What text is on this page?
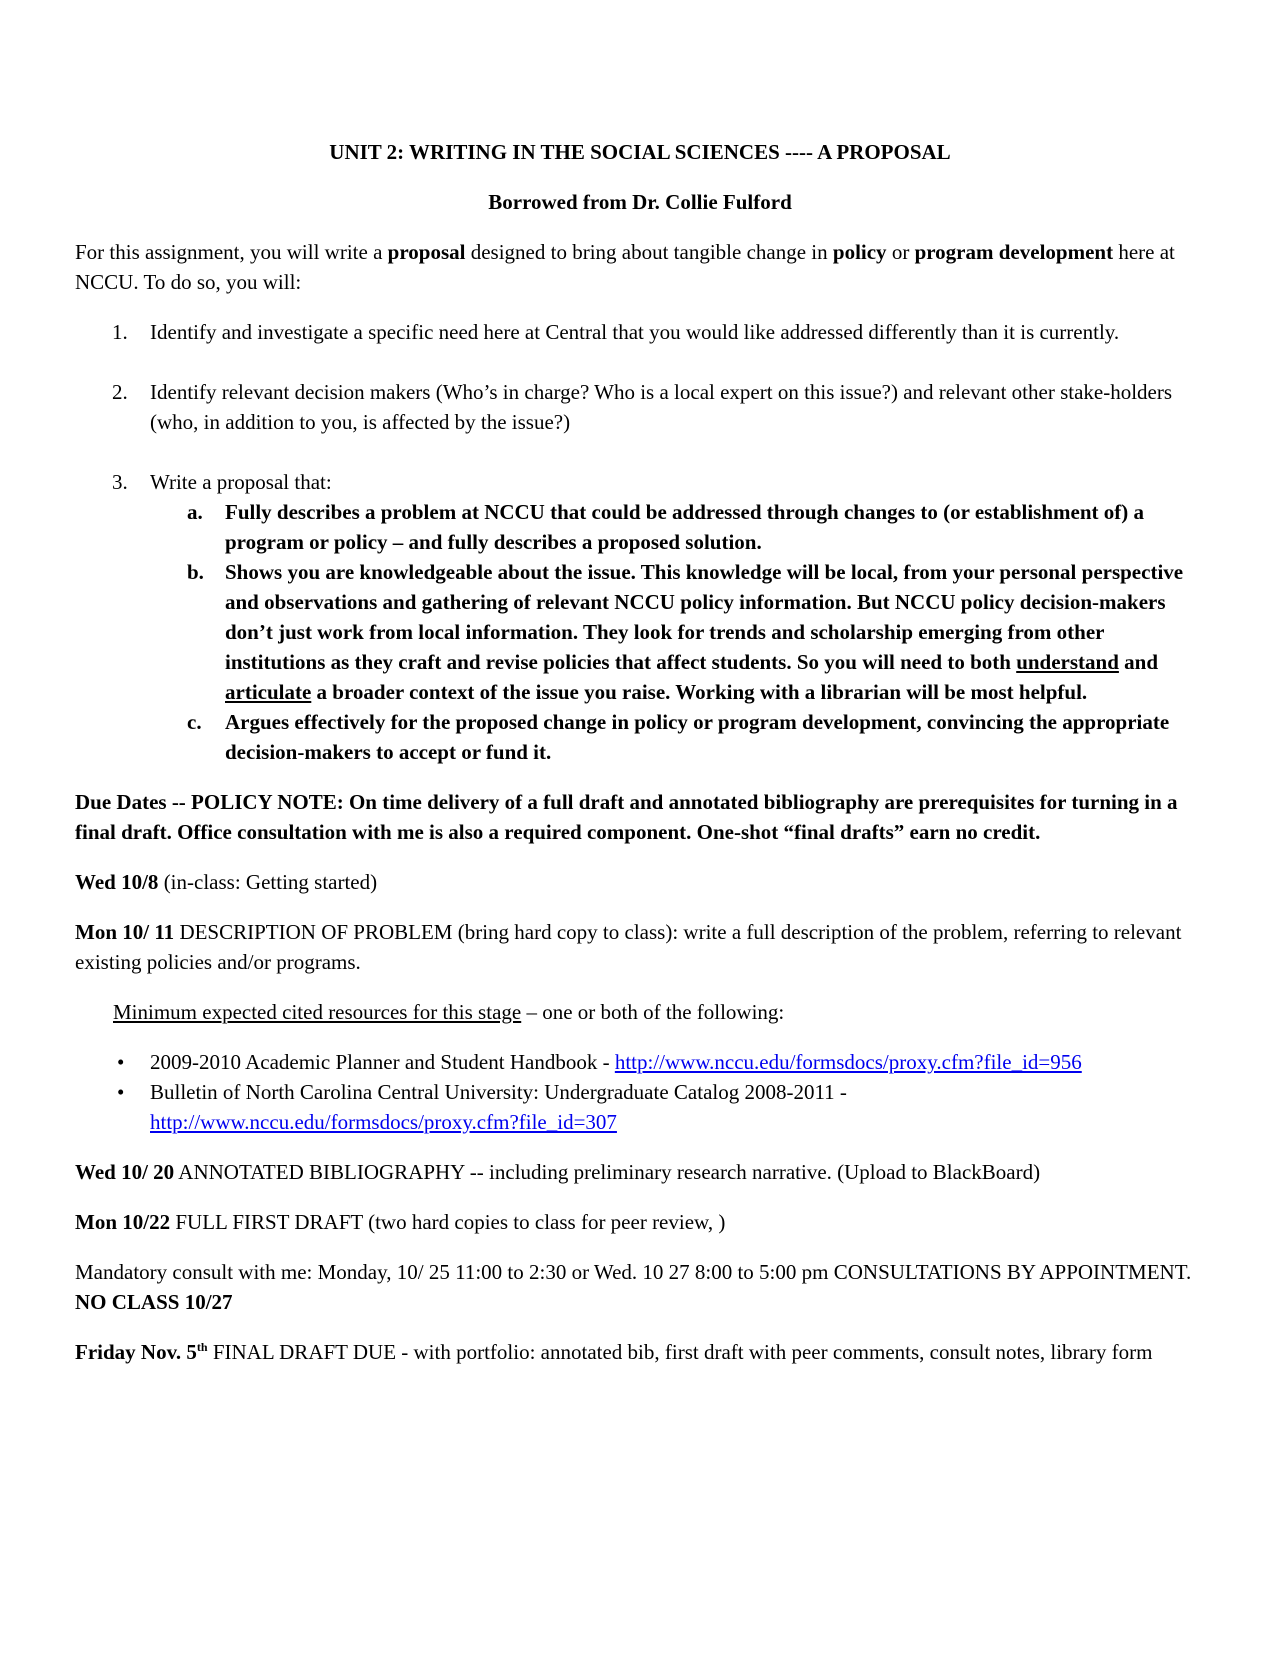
UNIT 2: WRITING IN THE SOCIAL SCIENCES ---- A PROPOSAL

Borrowed from Dr. Collie Fulford

For this assignment, you will write a proposal designed to bring about tangible change in policy or program development here at NCCU. To do so, you will:

1. Identify and investigate a specific need here at Central that you would like addressed differently than it is currently.
2. Identify relevant decision makers (Who’s in charge? Who is a local expert on this issue?) and relevant other stake-holders (who, in addition to you, is affected by the issue?)
3. Write a proposal that:
a. Fully describes a problem at NCCU that could be addressed through changes to (or establishment of) a program or policy – and fully describes a proposed solution.
b. Shows you are knowledgeable about the issue. This knowledge will be local, from your personal perspective and observations and gathering of relevant NCCU policy information. But NCCU policy decision-makers don’t just work from local information. They look for trends and scholarship emerging from other institutions as they craft and revise policies that affect students. So you will need to both understand and articulate a broader context of the issue you raise. Working with a librarian will be most helpful.
c. Argues effectively for the proposed change in policy or program development, convincing the appropriate decision-makers to accept or fund it.

Due Dates -- POLICY NOTE: On time delivery of a full draft and annotated bibliography are prerequisites for turning in a final draft. Office consultation with me is also a required component. One-shot “final drafts” earn no credit.

Wed 10/8 (in-class: Getting started)

Mon 10/ 11 DESCRIPTION OF PROBLEM (bring hard copy to class): write a full description of the problem, referring to relevant existing policies and/or programs.

Minimum expected cited resources for this stage – one or both of the following:

• 2009-2010 Academic Planner and Student Handbook - http://www.nccu.edu/formsdocs/proxy.cfm?file_id=956
• Bulletin of North Carolina Central University: Undergraduate Catalog 2008-2011 - http://www.nccu.edu/formsdocs/proxy.cfm?file_id=307

Wed 10/ 20 ANNOTATED BIBLIOGRAPHY -- including preliminary research narrative. (Upload to BlackBoard)

Mon 10/22 FULL FIRST DRAFT (two hard copies to class for peer review, )

Mandatory consult with me: Monday, 10/ 25 11:00 to 2:30 or Wed. 10 27 8:00 to 5:00 pm CONSULTATIONS BY APPOINTMENT. NO CLASS 10/27

Friday Nov. 5th FINAL DRAFT DUE - with portfolio: annotated bib, first draft with peer comments, consult notes, library form
